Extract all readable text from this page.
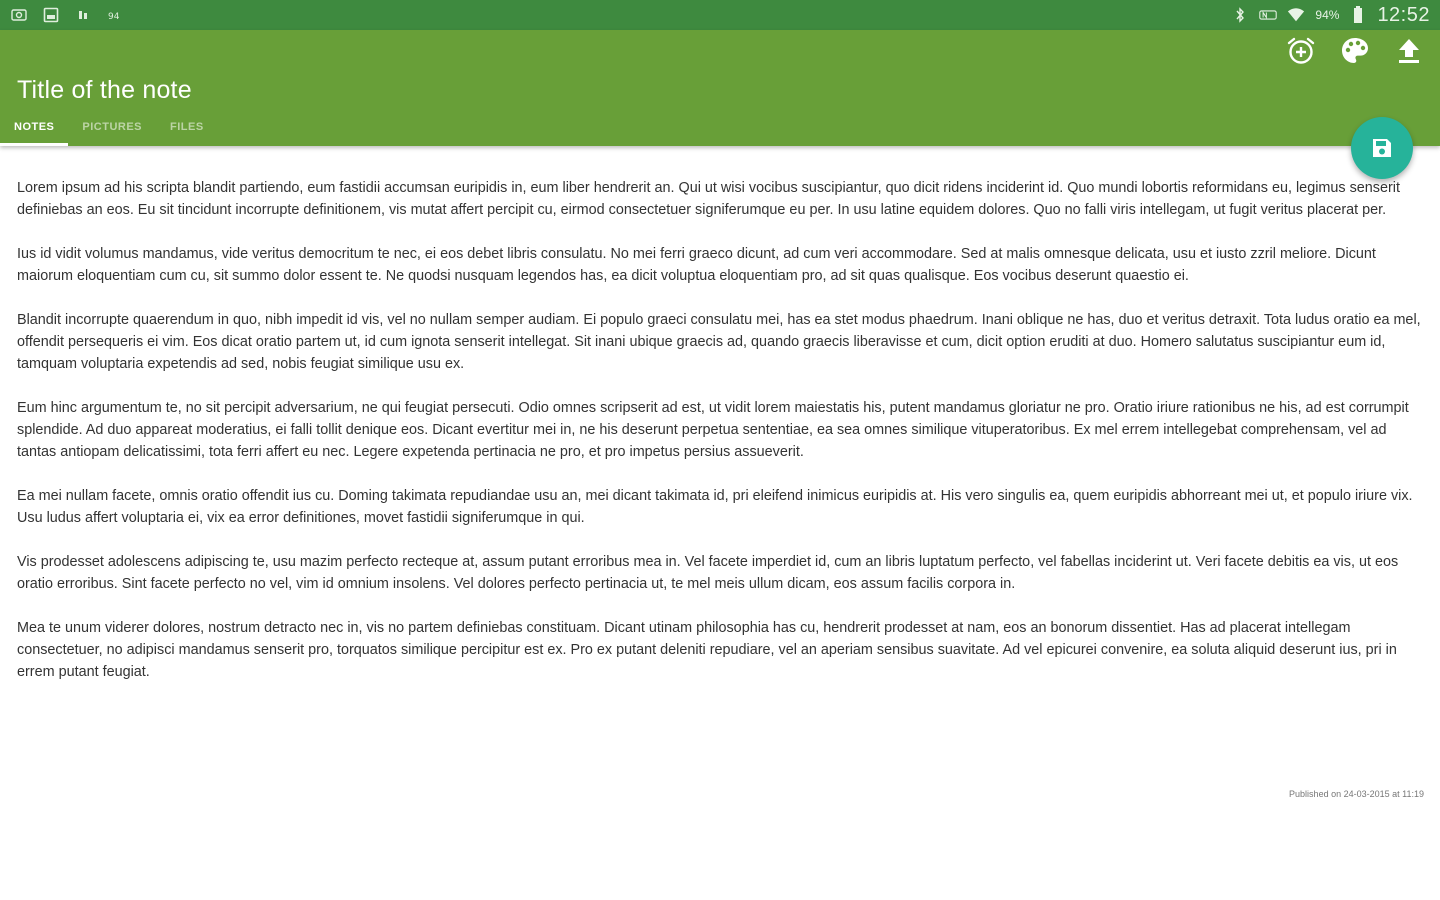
94	94% 12:52
Title of the note
NOTES	PICTURES	FILES

Lorem ipsum ad his scripta blandit partiendo, eum fastidii accumsan euripidis in, eum liber hendrerit an. Qui ut wisi vocibus suscipiantur, quo dicit ridens inciderint id. Quo mundi lobortis reformidans eu, legimus senserit definiebas an eos. Eu sit tincidunt incorrupte definitionem, vis mutat affert percipit cu, eirmod consectetuer signiferumque eu per. In usu latine equidem dolores. Quo no falli viris intellegam, ut fugit veritus placerat per.

Ius id vidit volumus mandamus, vide veritus democritum te nec, ei eos debet libris consulatu. No mei ferri graeco dicunt, ad cum veri accommodare. Sed at malis omnesque delicata, usu et iusto zzril meliore. Dicunt maiorum eloquentiam cum cu, sit summo dolor essent te. Ne quodsi nusquam legendos has, ea dicit voluptua eloquentiam pro, ad sit quas qualisque. Eos vocibus deserunt quaestio ei.

Blandit incorrupte quaerendum in quo, nibh impedit id vis, vel no nullam semper audiam. Ei populo graeci consulatu mei, has ea stet modus phaedrum. Inani oblique ne has, duo et veritus detraxit. Tota ludus oratio ea mel, offendit persequeris ei vim. Eos dicat oratio partem ut, id cum ignota senserit intellegat. Sit inani ubique graecis ad, quando graecis liberavisse et cum, dicit option eruditi at duo. Homero salutatus suscipiantur eum id, tamquam voluptaria expetendis ad sed, nobis feugiat similique usu ex.

Eum hinc argumentum te, no sit percipit adversarium, ne qui feugiat persecuti. Odio omnes scripserit ad est, ut vidit lorem maiestatis his, putent mandamus gloriatur ne pro. Oratio iriure rationibus ne his, ad est corrumpit splendide. Ad duo appareat moderatius, ei falli tollit denique eos. Dicant evertitur mei in, ne his deserunt perpetua sententiae, ea sea omnes similique vituperatoribus. Ex mel errem intellegebat comprehensam, vel ad tantas antiopam delicatissimi, tota ferri affert eu nec. Legere expetenda pertinacia ne pro, et pro impetus persius assueverit.

Ea mei nullam facete, omnis oratio offendit ius cu. Doming takimata repudiandae usu an, mei dicant takimata id, pri eleifend inimicus euripidis at. His vero singulis ea, quem euripidis abhorreant mei ut, et populo iriure vix. Usu ludus affert voluptaria ei, vix ea error definitiones, movet fastidii signiferumque in qui.

Vis prodesset adolescens adipiscing te, usu mazim perfecto recteque at, assum putant erroribus mea in. Vel facete imperdiet id, cum an libris luptatum perfecto, vel fabellas inciderint ut. Veri facete debitis ea vis, ut eos oratio erroribus. Sint facete perfecto no vel, vim id omnium insolens. Vel dolores perfecto pertinacia ut, te mel meis ullum dicam, eos assum facilis corpora in.

Mea te unum viderer dolores, nostrum detracto nec in, vis no partem definiebas constituam. Dicant utinam philosophia has cu, hendrerit prodesset at nam, eos an bonorum dissentiet. Has ad placerat intellegam consectetuer, no adipisci mandamus senserit pro, torquatos similique percipitur est ex. Pro ex putant deleniti repudiare, vel an aperiam sensibus suavitate. Ad vel epicurei convenire, ea soluta aliquid deserunt ius, pri in errem putant feugiat.

Published on 24-03-2015 at 11:19
